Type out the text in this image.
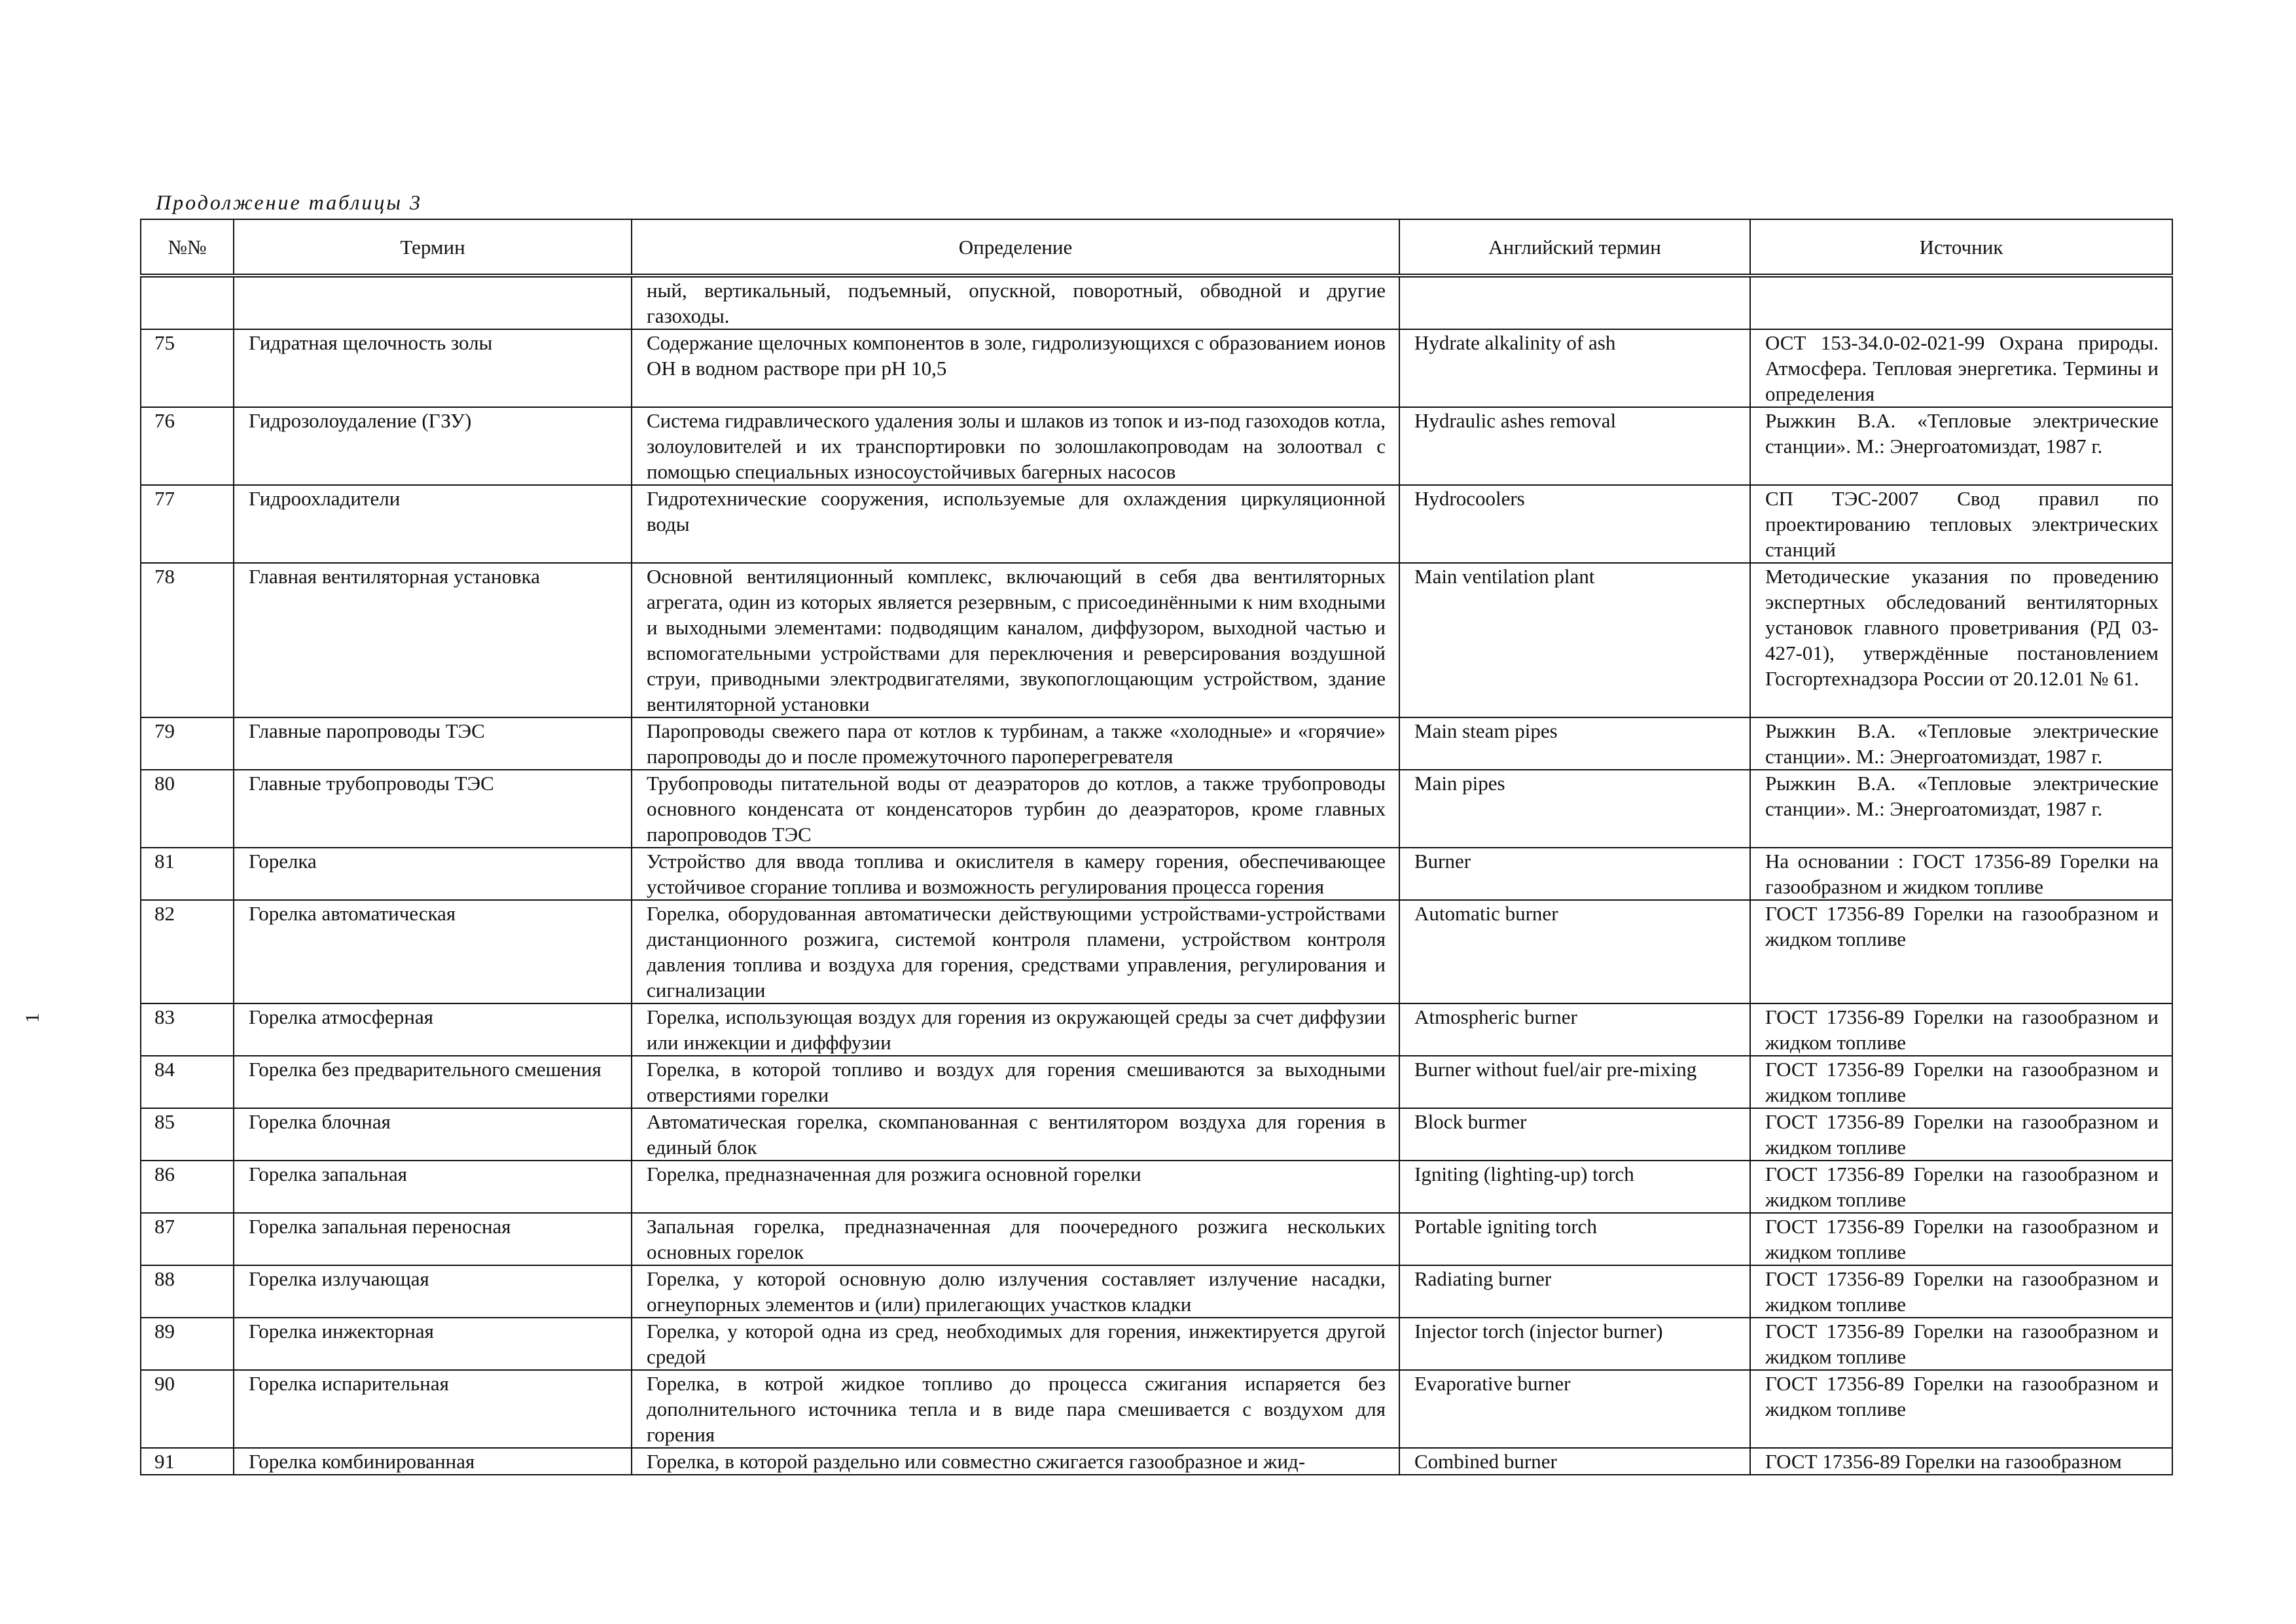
Продолжение таблицы 3
1
№№	Термин	Определение	Английский термин	Источник
		ный, вертикальный, подъемный, опускной, поворотный, обводной и другие газоходы.		
75	Гидратная щелочность золы	Содержание щелочных компонентов в золе, гидролизующихся с образованием ионов ОН в водном растворе при рН 10,5	Hydrate alkalinity of ash	ОСТ 153-34.0-02-021-99 Охрана природы. Атмосфера. Тепловая энергетика. Термины и определения
76	Гидрозолоудаление (ГЗУ)	Система гидравлического удаления золы и шлаков из топок и из-под газоходов котла, золоуловителей и их транспортировки по золошлакопроводам на золоотвал с помощью специальных износоустойчивых багерных насосов	Hydraulic ashes removal	Рыжкин В.А. «Тепловые электрические станции». М.: Энергоатомиздат, 1987 г.
77	Гидроохладители	Гидротехнические сооружения, используемые для охлаждения циркуляционной воды	Hydrocoolers	СП ТЭС-2007 Свод правил по проектированию тепловых электрических станций
78	Главная вентиляторная установка	Основной вентиляционный комплекс, включающий в себя два вентиляторных агрегата, один из которых является резервным, с присоединёнными к ним входными и выходными элементами: подводящим каналом, диффузором, выходной частью и вспомогательными устройствами для переключения и реверсирования воздушной струи, приводными электродвигателями, звукопоглощающим устройством, здание вентиляторной установки	Main ventilation plant	Методические указания по проведению экспертных обследований вентиляторных установок главного проветривания (РД 03-427-01), утверждённые постановлением Госгортехнадзора России от 20.12.01 № 61.
79	Главные паропроводы ТЭС	Паропроводы свежего пара от котлов к турбинам, а также «холодные» и «горячие» паропроводы до и после промежуточного пароперегревателя	Main steam pipes	Рыжкин В.А. «Тепловые электрические станции». М.: Энергоатомиздат, 1987 г.
80	Главные трубопроводы ТЭС	Трубопроводы питательной воды от деаэраторов до котлов, а также трубопроводы основного конденсата от конденсаторов турбин до деаэраторов, кроме главных паропроводов ТЭС	Main pipes	Рыжкин В.А. «Тепловые электрические станции». М.: Энергоатомиздат, 1987 г.
81	Горелка	Устройство для ввода топлива и окислителя в камеру горения, обеспечивающее устойчивое сгорание топлива и возможность регулирования процесса горения	Burner	На основании : ГОСТ 17356-89 Горелки на газообразном и жидком топливе
82	Горелка автоматическая	Горелка, оборудованная автоматически действующими устройствами-устройствами дистанционного розжига, системой контроля пламени, устройством контроля давления топлива и воздуха для горения, средствами управления, регулирования и сигнализации	Automatic burner	ГОСТ 17356-89 Горелки на газообразном и жидком топливе
83	Горелка атмосферная	Горелка, использующая воздух для горения из окружающей среды за счет диффузии или инжекции и дифффузии	Atmospheric burner	ГОСТ 17356-89 Горелки на газообразном и жидком топливе
84	Горелка без предварительного смешения	Горелка, в которой топливо и воздух для горения смешиваются за выходными отверстиями горелки	Burner without fuel/air pre-mixing	ГОСТ 17356-89 Горелки на газообразном и жидком топливе
85	Горелка блочная	Автоматическая горелка, скомпанованная с вентилятором воздуха для горения в единый блок	Block burmer	ГОСТ 17356-89 Горелки на газообразном и жидком топливе
86	Горелка запальная	Горелка, предназначенная для розжига основной горелки	Igniting (lighting-up) torch	ГОСТ 17356-89 Горелки на газообразном и жидком топливе
87	Горелка запальная переносная	Запальная горелка, предназначенная для поочередного розжига нескольких основных горелок	Portable igniting torch	ГОСТ 17356-89 Горелки на газообразном и жидком топливе
88	Горелка излучающая	Горелка, у которой основную долю излучения составляет излучение насадки, огнеупорных элементов и (или) прилегающих участков кладки	Radiating burner	ГОСТ 17356-89 Горелки на газообразном и жидком топливе
89	Горелка инжекторная	Горелка, у которой одна из сред, необходимых для горения, инжектируется другой средой	Injector torch (injector burner)	ГОСТ 17356-89 Горелки на газообразном и жидком топливе
90	Горелка испарительная	Горелка, в котрой жидкое топливо до процесса сжигания испаряется без дополнительного источника тепла и в виде пара смешивается с воздухом для горения	Evaporative burner	ГОСТ 17356-89 Горелки на газообразном и жидком топливе
91	Горелка комбинированная	Горелка, в которой раздельно или совместно сжигается газообразное и жид-	Combined burner	ГОСТ 17356-89 Горелки на газообразном
